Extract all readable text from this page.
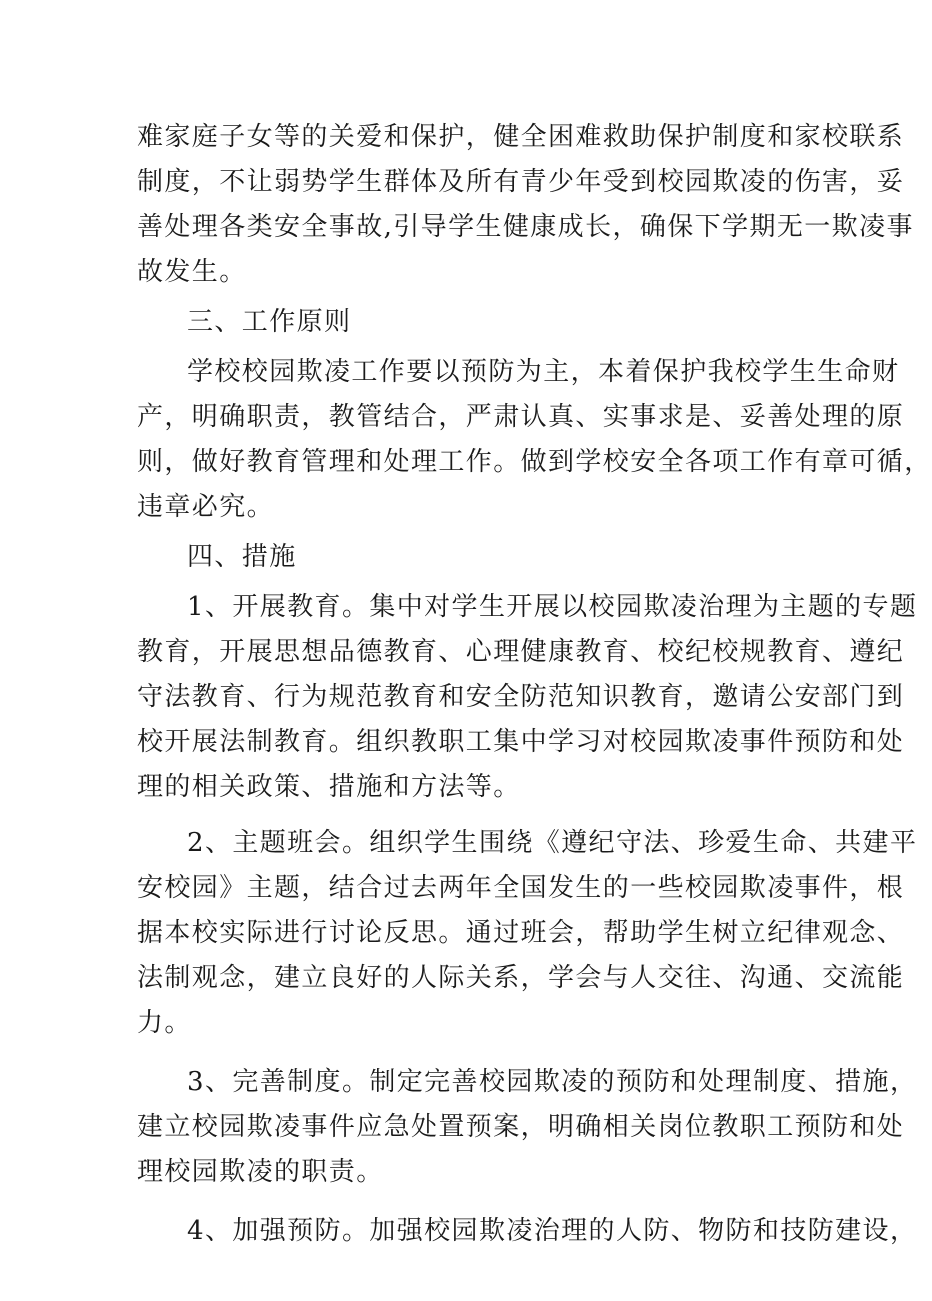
难家庭子女等的关爱和保护，健全困难救助保护制度和家校联系
制度，不让弱势学生群体及所有青少年受到校园欺凌的伤害，妥
善处理各类安全事故,引导学生健康成长，确保下学期无一欺凌事
故发生。
三、工作原则
学校校园欺凌工作要以预防为主，本着保护我校学生生命财
产，明确职责，教管结合，严肃认真、实事求是、妥善处理的原
则，做好教育管理和处理工作。做到学校安全各项工作有章可循，
违章必究。
四、措施
1、开展教育。集中对学生开展以校园欺凌治理为主题的专题
教育，开展思想品德教育、心理健康教育、校纪校规教育、遵纪
守法教育、行为规范教育和安全防范知识教育，邀请公安部门到
校开展法制教育。组织教职工集中学习对校园欺凌事件预防和处
理的相关政策、措施和方法等。
2、主题班会。组织学生围绕《遵纪守法、珍爱生命、共建平
安校园》主题，结合过去两年全国发生的一些校园欺凌事件，根
据本校实际进行讨论反思。通过班会，帮助学生树立纪律观念、
法制观念，建立良好的人际关系，学会与人交往、沟通、交流能
力。
3、完善制度。制定完善校园欺凌的预防和处理制度、措施，
建立校园欺凌事件应急处置预案，明确相关岗位教职工预防和处
理校园欺凌的职责。
4、加强预防。加强校园欺凌治理的人防、物防和技防建设，
